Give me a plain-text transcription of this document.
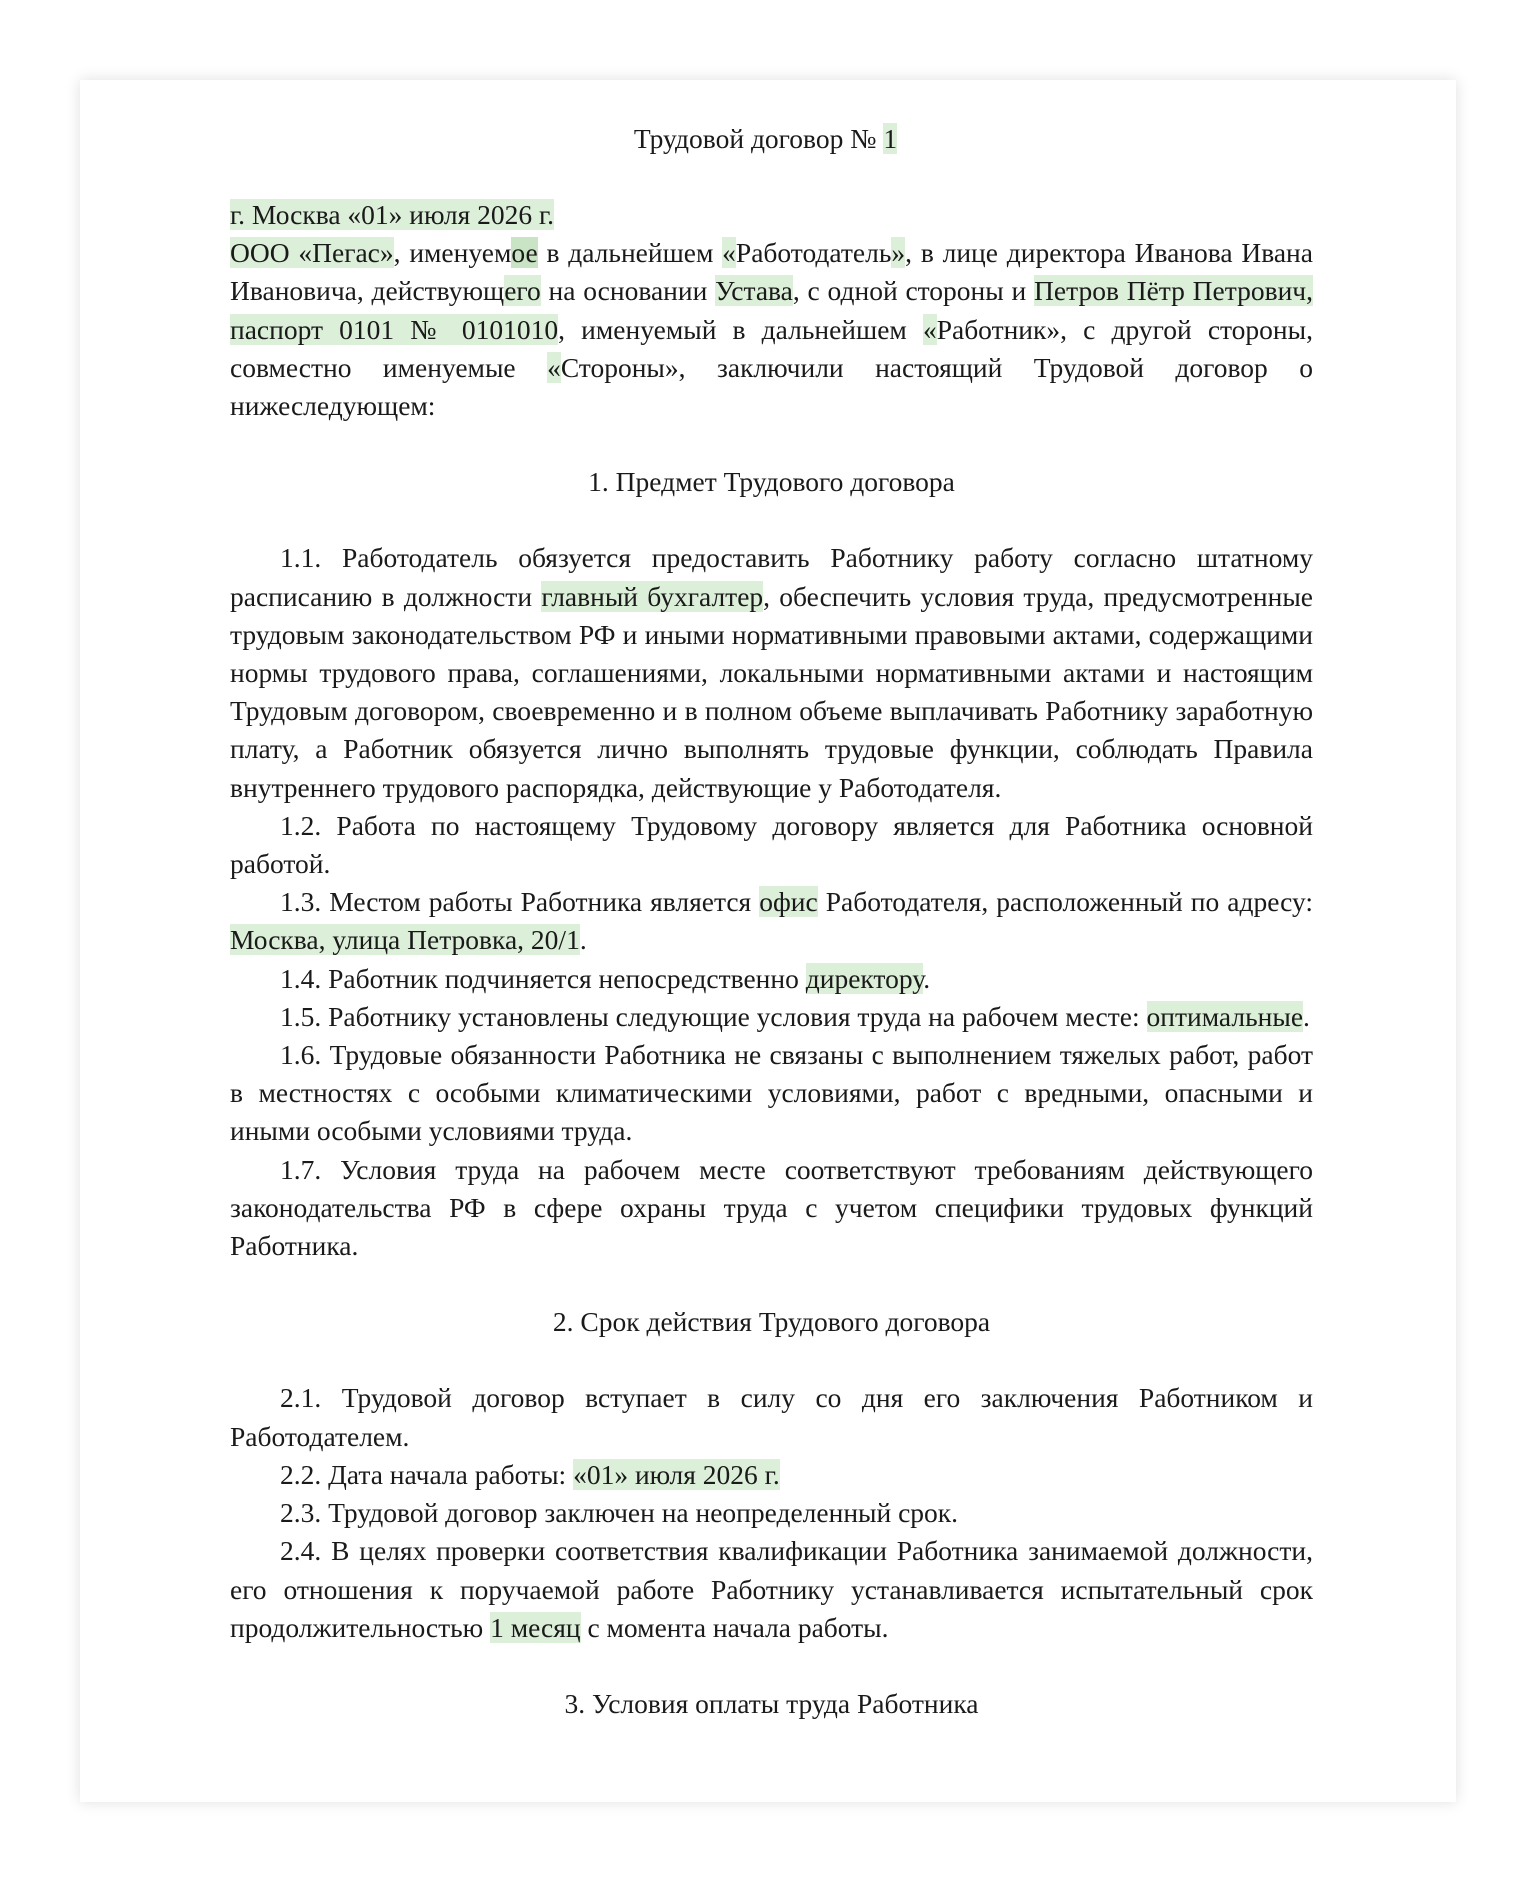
Трудовой договор № 1

г. Москва «01» июля 2026 г.

ООО «Пегас», именуемое в дальнейшем «Работодатель», в лице директора Иванова Ивана Ивановича, действующего на основании Устава, с одной стороны и Петров Пётр Петрович, паспорт 0101 № 0101010, именуемый в дальнейшем «Работник», с другой стороны, совместно именуемые «Стороны», заключили настоящий Трудовой договор о нижеследующем:

1. Предмет Трудового договора

1.1. Работодатель обязуется предоставить Работнику работу согласно штатному расписанию в должности главный бухгалтер, обеспечить условия труда, предусмотренные трудовым законодательством РФ и иными нормативными правовыми актами, содержащими нормы трудового права, соглашениями, локальными нормативными актами и настоящим Трудовым договором, своевременно и в полном объеме выплачивать Работнику заработную плату, а Работник обязуется лично выполнять трудовые функции, соблюдать Правила внутреннего трудового распорядка, действующие у Работодателя.

1.2. Работа по настоящему Трудовому договору является для Работника основной работой.

1.3. Местом работы Работника является офис Работодателя, расположенный по адресу: Москва, улица Петровка, 20/1.

1.4. Работник подчиняется непосредственно директору.

1.5. Работнику установлены следующие условия труда на рабочем месте: оптимальные.

1.6. Трудовые обязанности Работника не связаны с выполнением тяжелых работ, работ в местностях с особыми климатическими условиями, работ с вредными, опасными и иными особыми условиями труда.

1.7. Условия труда на рабочем месте соответствуют требованиям действующего законодательства РФ в сфере охраны труда с учетом специфики трудовых функций Работника.

2. Срок действия Трудового договора

2.1. Трудовой договор вступает в силу со дня его заключения Работником и Работодателем.

2.2. Дата начала работы: «01» июля 2026 г.

2.3. Трудовой договор заключен на неопределенный срок.

2.4. В целях проверки соответствия квалификации Работника занимаемой должности, его отношения к поручаемой работе Работнику устанавливается испытательный срок продолжительностью 1 месяц с момента начала работы.

3. Условия оплаты труда Работника
